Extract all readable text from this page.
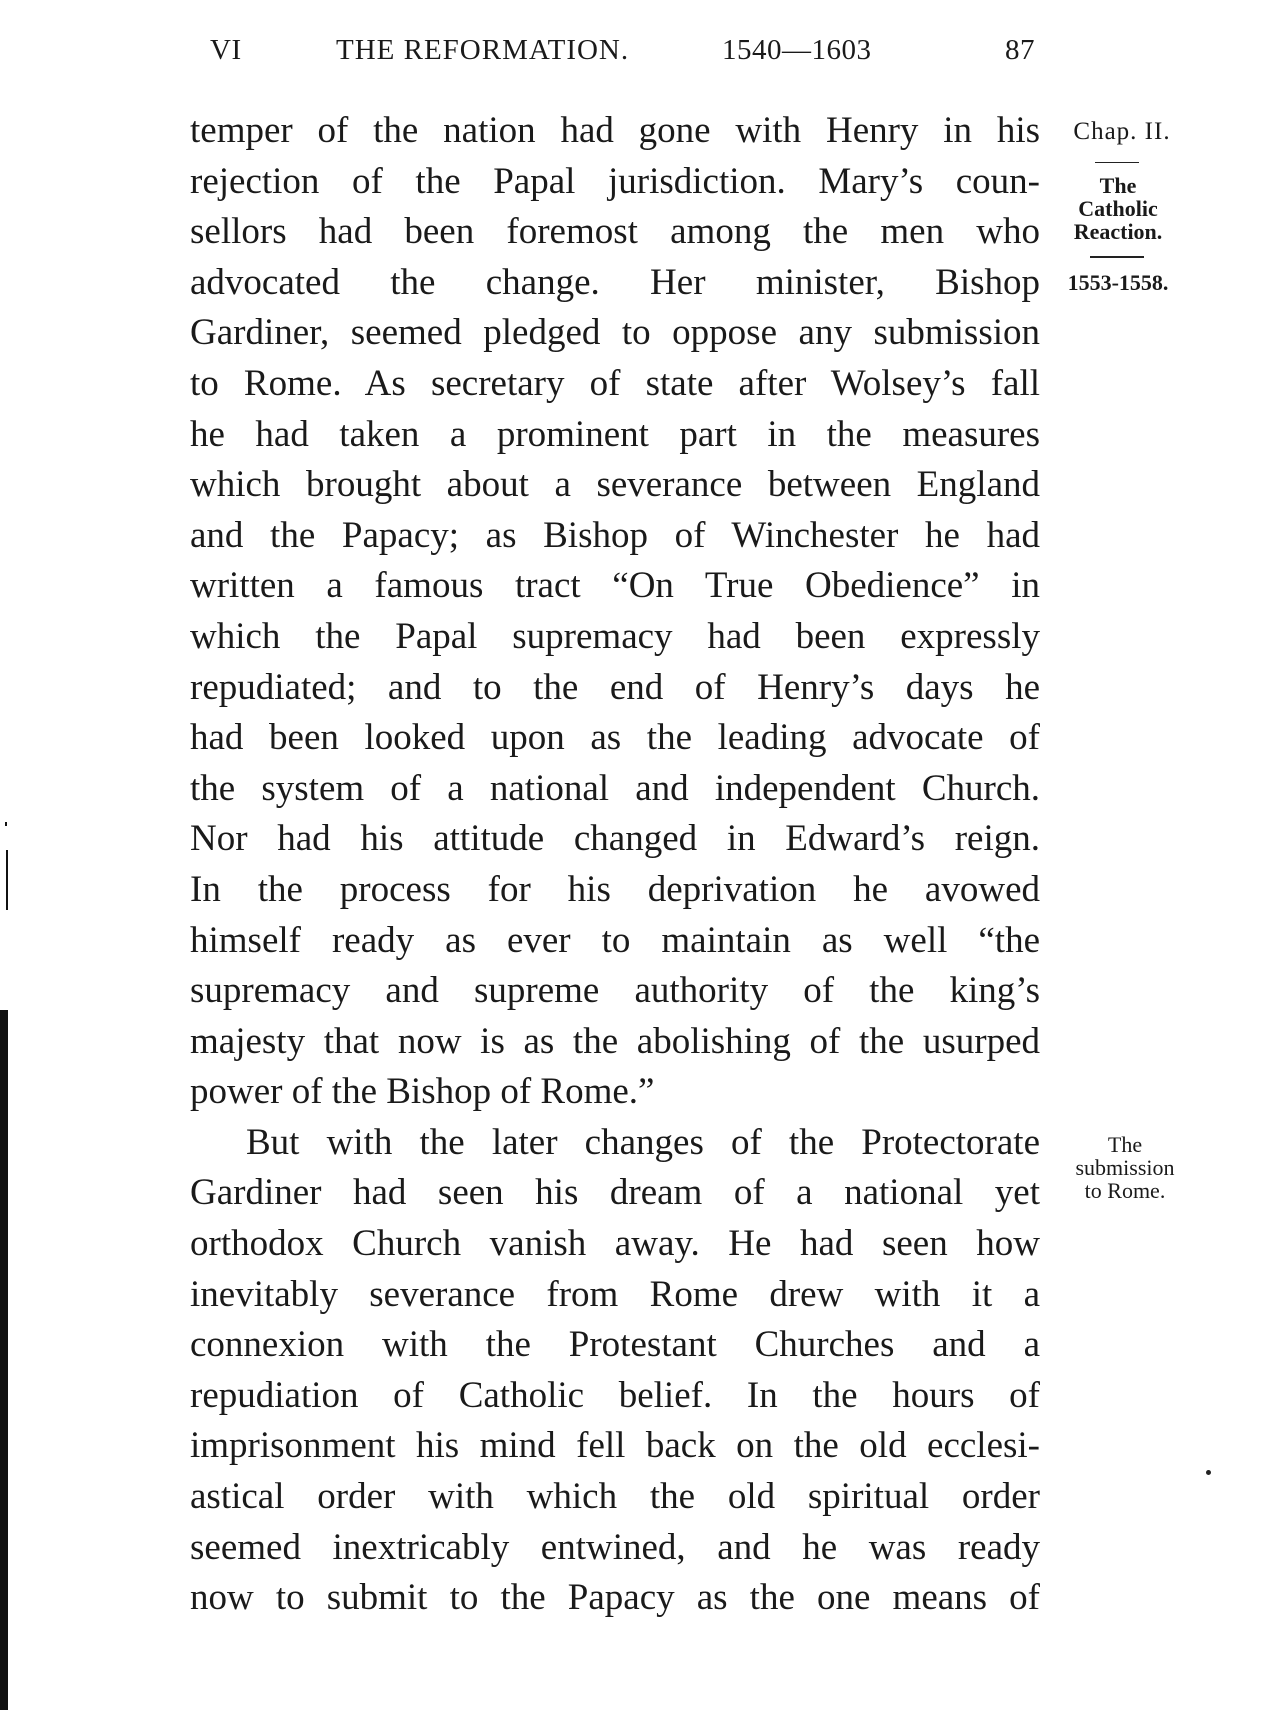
VI	THE REFORMATION.	1540—1603	87
Chap. II.
The
Catholic
Reaction.
1553-1558.
The
submission
to Rome.
temper of the nation had gone with Henry in his
rejection of the Papal jurisdiction. Mary’s coun-
sellors had been foremost among the men who
advocated the change. Her minister, Bishop
Gardiner, seemed pledged to oppose any submission
to Rome. As secretary of state after Wolsey’s fall
he had taken a prominent part in the measures
which brought about a severance between England
and the Papacy; as Bishop of Winchester he had
written a famous tract “On True Obedience” in
which the Papal supremacy had been expressly
repudiated; and to the end of Henry’s days he
had been looked upon as the leading advocate of
the system of a national and independent Church.
Nor had his attitude changed in Edward’s reign.
In the process for his deprivation he avowed
himself ready as ever to maintain as well “the
supremacy and supreme authority of the king’s
majesty that now is as the abolishing of the usurped
power of the Bishop of Rome.”
But with the later changes of the Protectorate
Gardiner had seen his dream of a national yet
orthodox Church vanish away. He had seen how
inevitably severance from Rome drew with it a
connexion with the Protestant Churches and a
repudiation of Catholic belief. In the hours of
imprisonment his mind fell back on the old ecclesi-
astical order with which the old spiritual order
seemed inextricably entwined, and he was ready
now to submit to the Papacy as the one means of
